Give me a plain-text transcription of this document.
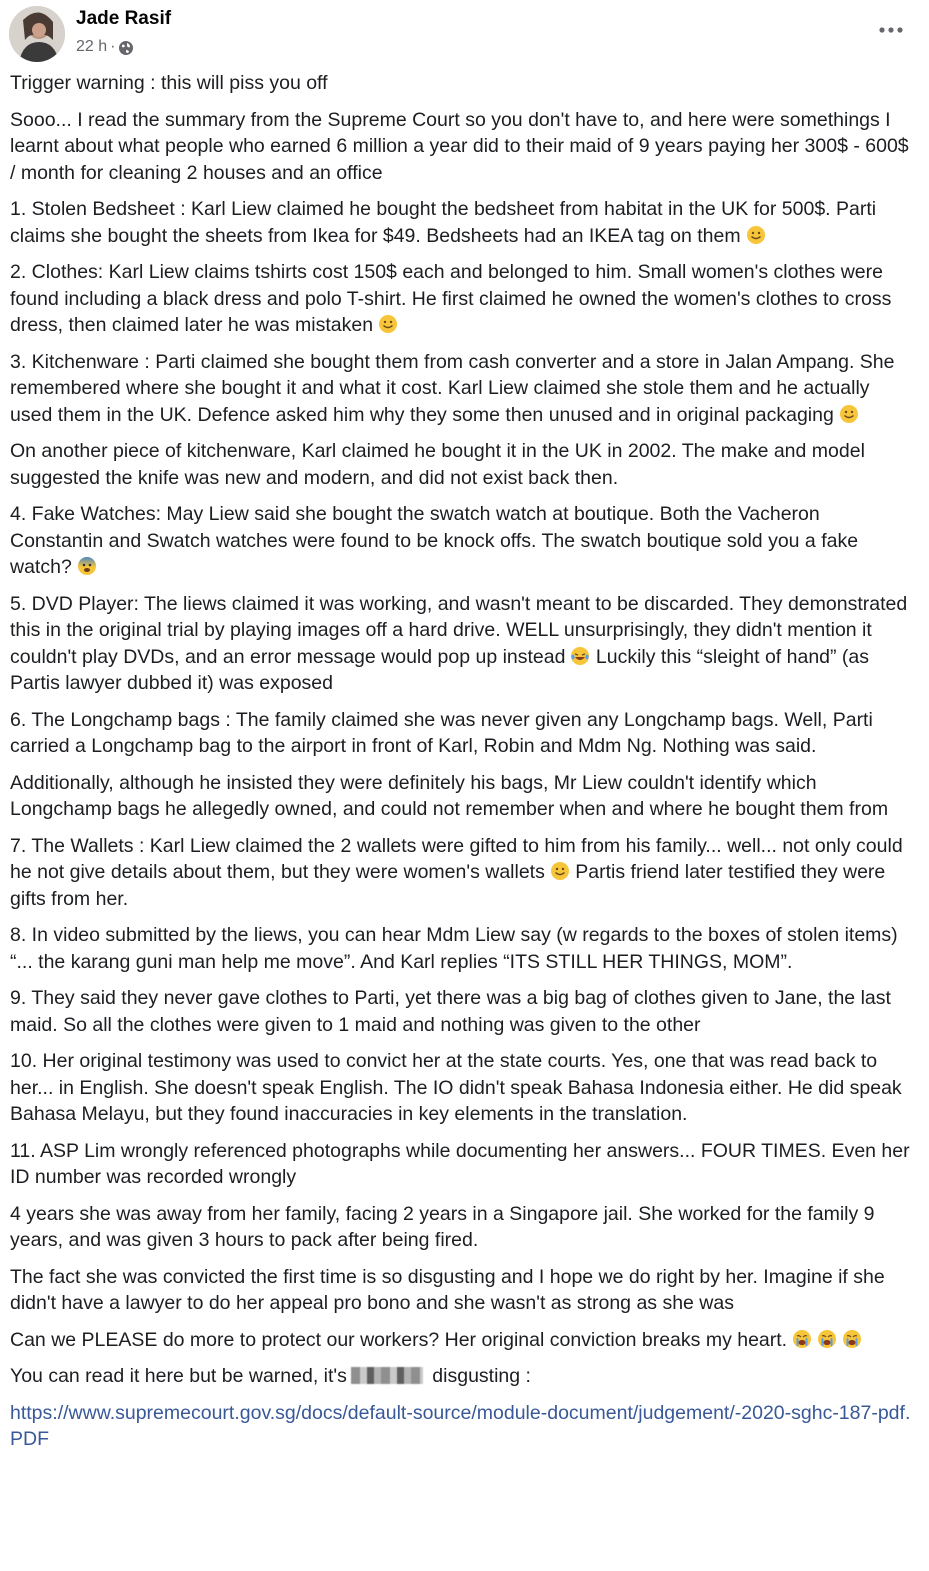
Jade Rasif
22 h ·

Trigger warning : this will piss you off

Sooo... I read the summary from the Supreme Court so you don't have to, and here were somethings I learnt about what people who earned 6 million a year did to their maid of 9 years paying her 300$ - 600$ / month for cleaning 2 houses and an office

1. Stolen Bedsheet : Karl Liew claimed he bought the bedsheet from habitat in the UK for 500$. Parti claims she bought the sheets from Ikea for $49. Bedsheets had an IKEA tag on them

2. Clothes: Karl Liew claims tshirts cost 150$ each and belonged to him. Small women's clothes were found including a black dress and polo T-shirt. He first claimed he owned the women's clothes to cross dress, then claimed later he was mistaken

3. Kitchenware : Parti claimed she bought them from cash converter and a store in Jalan Ampang. She remembered where she bought it and what it cost. Karl Liew claimed she stole them and he actually used them in the UK. Defence asked him why they some then unused and in original packaging

On another piece of kitchenware, Karl claimed he bought it in the UK in 2002. The make and model suggested the knife was new and modern, and did not exist back then.

4. Fake Watches: May Liew said she bought the swatch watch at boutique. Both the Vacheron Constantin and Swatch watches were found to be knock offs. The swatch boutique sold you a fake watch?

5. DVD Player: The liews claimed it was working, and wasn't meant to be discarded. They demonstrated this in the original trial by playing images off a hard drive. WELL unsurprisingly, they didn't mention it couldn't play DVDs, and an error message would pop up instead Luckily this “sleight of hand” (as Partis lawyer dubbed it) was exposed

6. The Longchamp bags : The family claimed she was never given any Longchamp bags. Well, Parti carried a Longchamp bag to the airport in front of Karl, Robin and Mdm Ng. Nothing was said.

Additionally, although he insisted they were definitely his bags, Mr Liew couldn't identify which Longchamp bags he allegedly owned, and could not remember when and where he bought them from

7. The Wallets : Karl Liew claimed the 2 wallets were gifted to him from his family... well... not only could he not give details about them, but they were women's wallets Partis friend later testified they were gifts from her.

8. In video submitted by the liews, you can hear Mdm Liew say (w regards to the boxes of stolen items) “... the karang guni man help me move”. And Karl replies “ITS STILL HER THINGS, MOM”.

9. They said they never gave clothes to Parti, yet there was a big bag of clothes given to Jane, the last maid. So all the clothes were given to 1 maid and nothing was given to the other

10. Her original testimony was used to convict her at the state courts. Yes, one that was read back to her... in English. She doesn't speak English. The IO didn't speak Bahasa Indonesia either. He did speak Bahasa Melayu, but they found inaccuracies in key elements in the translation.

11. ASP Lim wrongly referenced photographs while documenting her answers... FOUR TIMES. Even her ID number was recorded wrongly

4 years she was away from her family, facing 2 years in a Singapore jail. She worked for the family 9 years, and was given 3 hours to pack after being fired.

The fact she was convicted the first time is so disgusting and I hope we do right by her. Imagine if she didn't have a lawyer to do her appeal pro bono and she wasn't as strong as she was

Can we PLEASE do more to protect our workers? Her original conviction breaks my heart.

You can read it here but be warned, it's	disgusting :

https://www.supremecourt.gov.sg/docs/default-source/module-document/judgement/-2020-sghc-187-pdf.PDF
